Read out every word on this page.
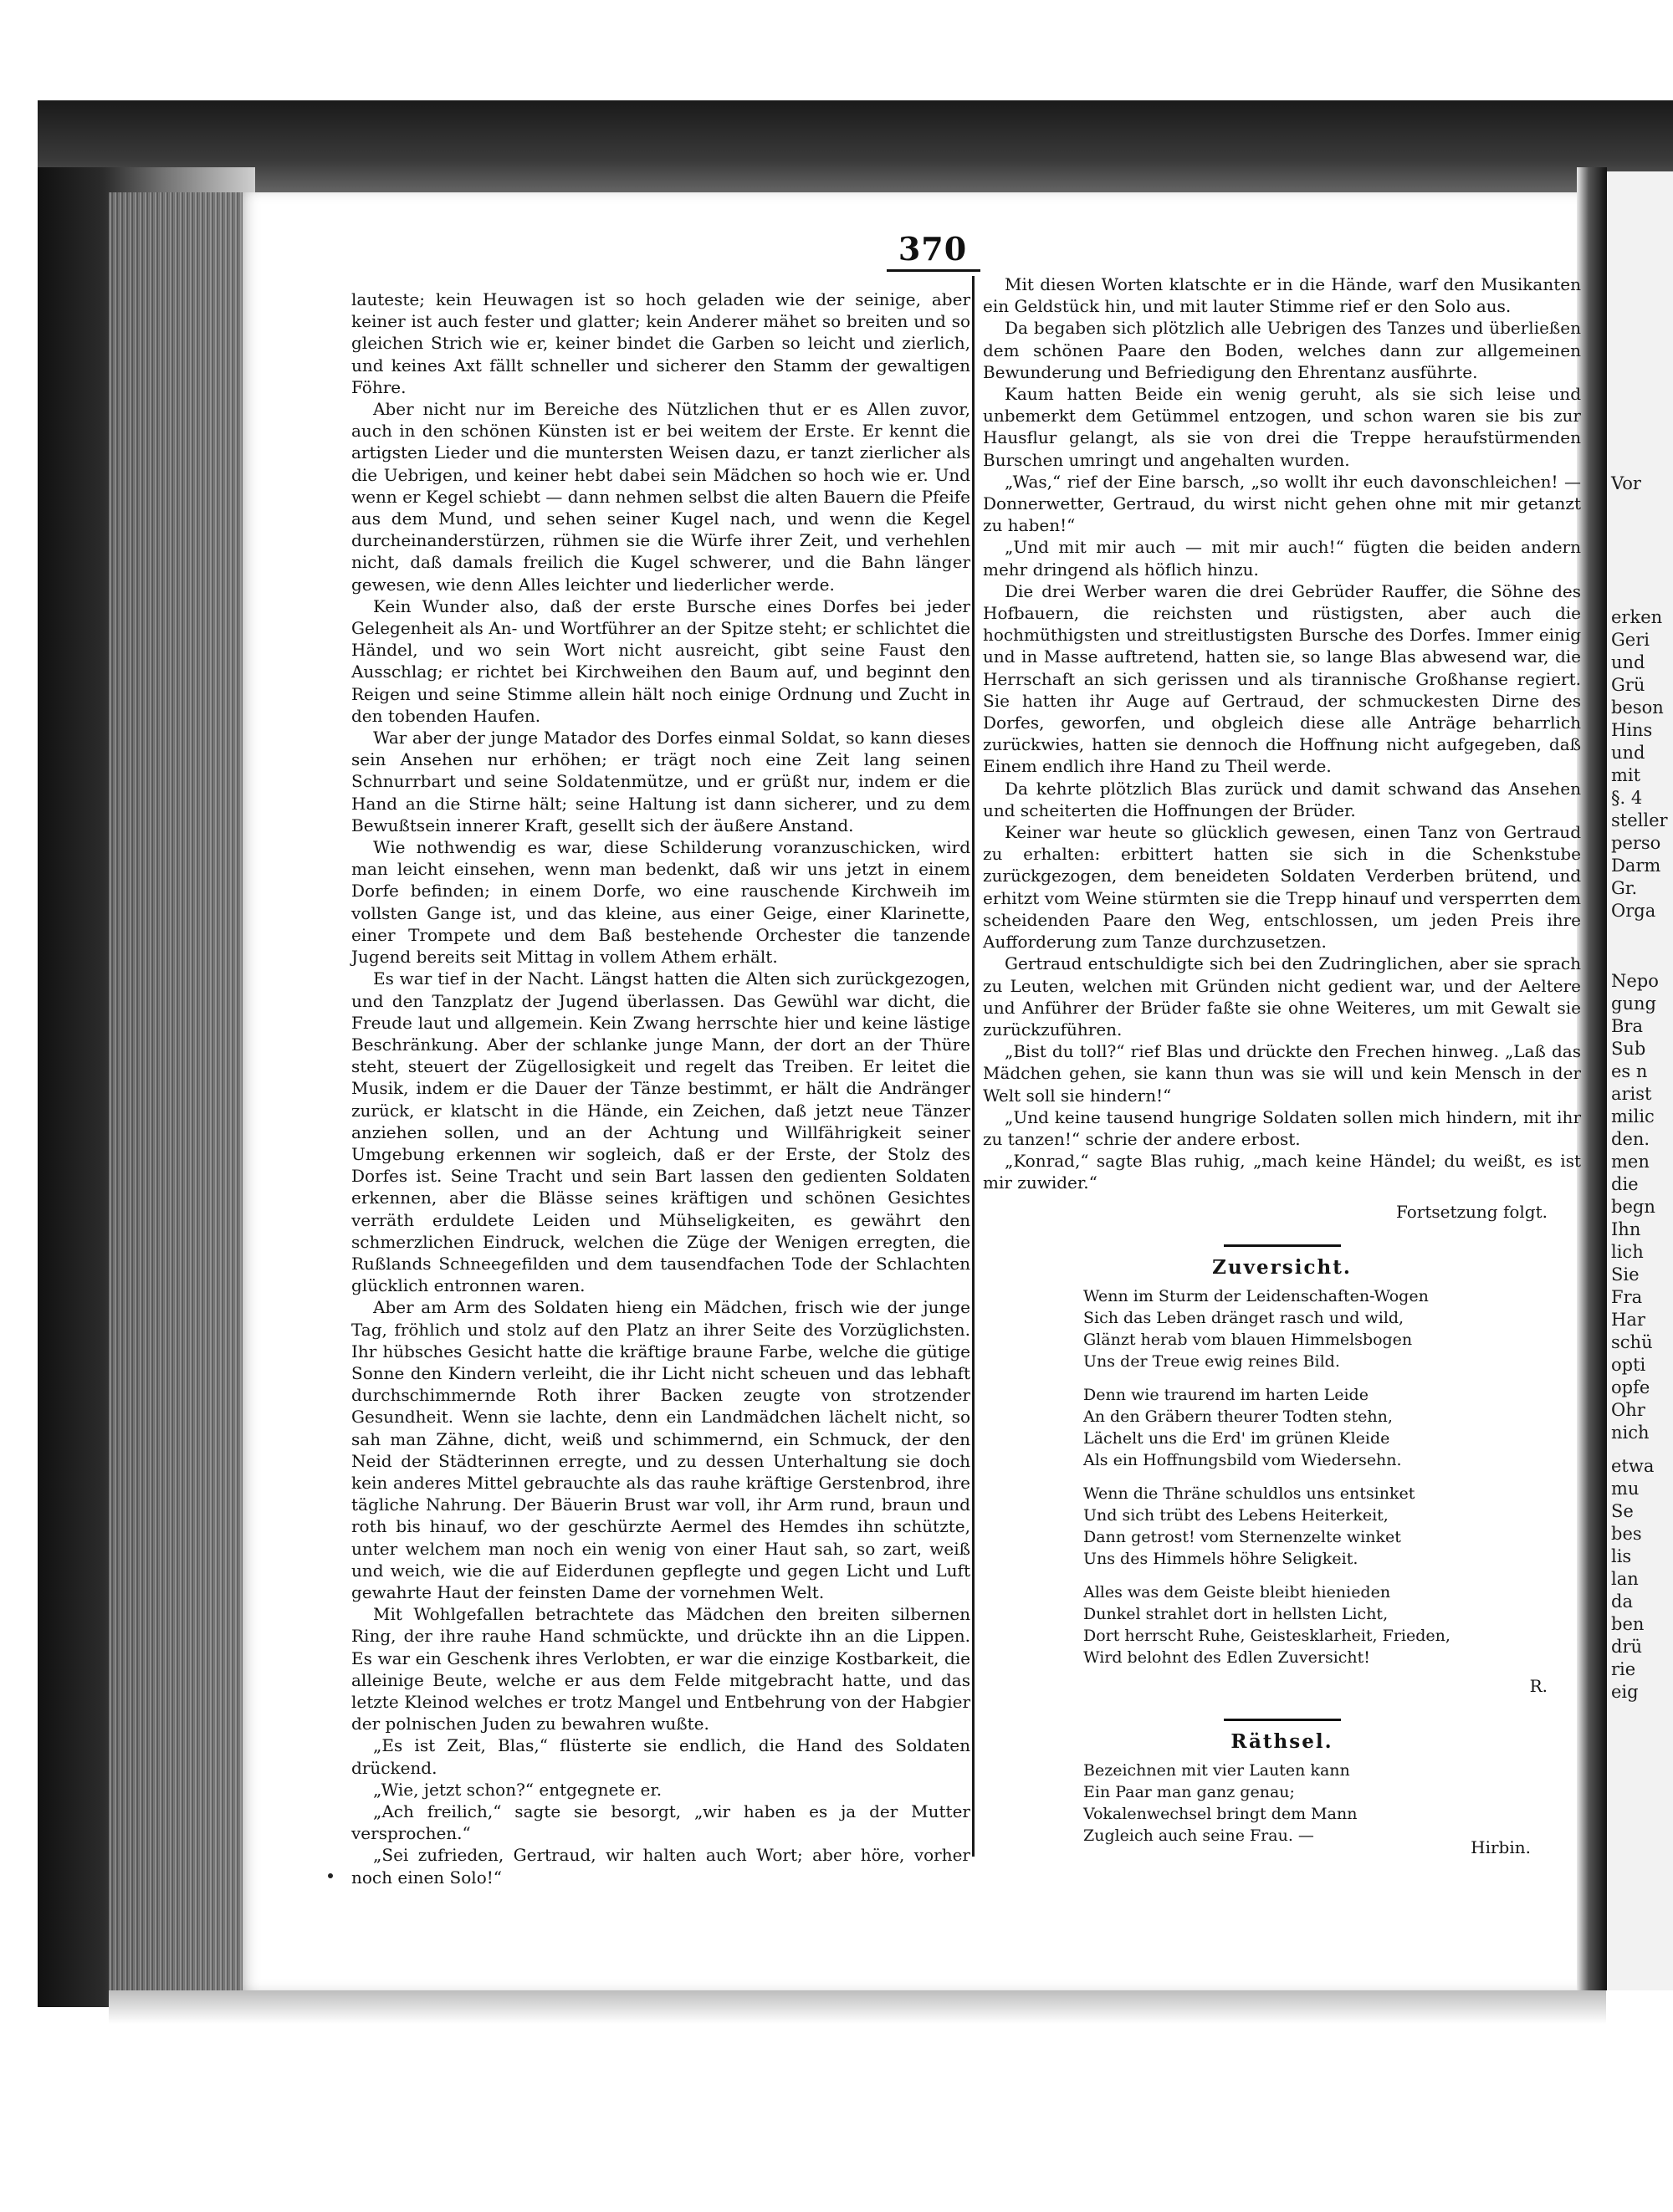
370

lauteste; kein Heuwagen ist so hoch geladen wie der seinige, aber keiner ist auch fester und glatter; kein Anderer mähet so breiten und so gleichen Strich wie er, keiner bindet die Garben so leicht und zierlich, und keines Axt fällt schneller und sicherer den Stamm der gewaltigen Föhre.

Aber nicht nur im Bereiche des Nützlichen thut er es Allen zuvor, auch in den schönen Künsten ist er bei weitem der Erste. Er kennt die artigsten Lieder und die muntersten Weisen dazu, er tanzt zierlicher als die Uebrigen, und keiner hebt dabei sein Mädchen so hoch wie er. Und wenn er Kegel schiebt — dann nehmen selbst die alten Bauern die Pfeife aus dem Mund, und sehen seiner Kugel nach, und wenn die Kegel durcheinanderstürzen, rühmen sie die Würfe ihrer Zeit, und verhehlen nicht, daß damals freilich die Kugel schwerer, und die Bahn länger gewesen, wie denn Alles leichter und liederlicher werde.

Kein Wunder also, daß der erste Bursche eines Dorfes bei jeder Gelegenheit als An- und Wortführer an der Spitze steht; er schlichtet die Händel, und wo sein Wort nicht ausreicht, gibt seine Faust den Ausschlag; er richtet bei Kirchweihen den Baum auf, und beginnt den Reigen und seine Stimme allein hält noch einige Ordnung und Zucht in den tobenden Haufen.

War aber der junge Matador des Dorfes einmal Soldat, so kann dieses sein Ansehen nur erhöhen; er trägt noch eine Zeit lang seinen Schnurrbart und seine Soldatenmütze, und er grüßt nur, indem er die Hand an die Stirne hält; seine Haltung ist dann sicherer, und zu dem Bewußtsein innerer Kraft, gesellt sich der äußere Anstand.

Wie nothwendig es war, diese Schilderung voranzuschicken, wird man leicht einsehen, wenn man bedenkt, daß wir uns jetzt in einem Dorfe befinden; in einem Dorfe, wo eine rauschende Kirchweih im vollsten Gange ist, und das kleine, aus einer Geige, einer Klarinette, einer Trompete und dem Baß bestehende Orchester die tanzende Jugend bereits seit Mittag in vollem Athem erhält.

Es war tief in der Nacht. Längst hatten die Alten sich zurückgezogen, und den Tanzplatz der Jugend überlassen. Das Gewühl war dicht, die Freude laut und allgemein. Kein Zwang herrschte hier und keine lästige Beschränkung. Aber der schlanke junge Mann, der dort an der Thüre steht, steuert der Zügellosigkeit und regelt das Treiben. Er leitet die Musik, indem er die Dauer der Tänze bestimmt, er hält die Andränger zurück, er klatscht in die Hände, ein Zeichen, daß jetzt neue Tänzer anziehen sollen, und an der Achtung und Willfährigkeit seiner Umgebung erkennen wir sogleich, daß er der Erste, der Stolz des Dorfes ist. Seine Tracht und sein Bart lassen den gedienten Soldaten erkennen, aber die Blässe seines kräftigen und schönen Gesichtes verräth erduldete Leiden und Mühseligkeiten, es gewährt den schmerzlichen Eindruck, welchen die Züge der Wenigen erregten, die Rußlands Schneegefilden und dem tausendfachen Tode der Schlachten glücklich entronnen waren.

Aber am Arm des Soldaten hieng ein Mädchen, frisch wie der junge Tag, fröhlich und stolz auf den Platz an ihrer Seite des Vorzüglichsten. Ihr hübsches Gesicht hatte die kräftige braune Farbe, welche die gütige Sonne den Kindern verleiht, die ihr Licht nicht scheuen und das lebhaft durchschimmernde Roth ihrer Backen zeugte von strotzender Gesundheit. Wenn sie lachte, denn ein Landmädchen lächelt nicht, so sah man Zähne, dicht, weiß und schimmernd, ein Schmuck, der den Neid der Städterinnen erregte, und zu dessen Unterhaltung sie doch kein anderes Mittel gebrauchte als das rauhe kräftige Gerstenbrod, ihre tägliche Nahrung. Der Bäuerin Brust war voll, ihr Arm rund, braun und roth bis hinauf, wo der geschürzte Aermel des Hemdes ihn schützte, unter welchem man noch ein wenig von einer Haut sah, so zart, weiß und weich, wie die auf Eiderdunen gepflegte und gegen Licht und Luft gewahrte Haut der feinsten Dame der vornehmen Welt.

Mit Wohlgefallen betrachtete das Mädchen den breiten silbernen Ring, der ihre rauhe Hand schmückte, und drückte ihn an die Lippen. Es war ein Geschenk ihres Verlobten, er war die einzige Kostbarkeit, die alleinige Beute, welche er aus dem Felde mitgebracht hatte, und das letzte Kleinod welches er trotz Mangel und Entbehrung von der Habgier der polnischen Juden zu bewahren wußte.

„Es ist Zeit, Blas,“ flüsterte sie endlich, die Hand des Soldaten drückend.

„Wie, jetzt schon?“ entgegnete er.

„Ach freilich,“ sagte sie besorgt, „wir haben es ja der Mutter versprochen.“

„Sei zufrieden, Gertraud, wir halten auch Wort; aber höre, vorher noch einen Solo!“

Mit diesen Worten klatschte er in die Hände, warf den Musikanten ein Geldstück hin, und mit lauter Stimme rief er den Solo aus.

Da begaben sich plötzlich alle Uebrigen des Tanzes und überließen dem schönen Paare den Boden, welches dann zur allgemeinen Bewunderung und Befriedigung den Ehrentanz ausführte.

Kaum hatten Beide ein wenig geruht, als sie sich leise und unbemerkt dem Getümmel entzogen, und schon waren sie bis zur Hausflur gelangt, als sie von drei die Treppe heraufstürmenden Burschen umringt und angehalten wurden.

„Was,“ rief der Eine barsch, „so wollt ihr euch davonschleichen! — Donnerwetter, Gertraud, du wirst nicht gehen ohne mit mir getanzt zu haben!“

„Und mit mir auch — mit mir auch!“ fügten die beiden andern mehr dringend als höflich hinzu.

Die drei Werber waren die drei Gebrüder Rauffer, die Söhne des Hofbauern, die reichsten und rüstigsten, aber auch die hochmüthigsten und streitlustigsten Bursche des Dorfes. Immer einig und in Masse auftretend, hatten sie, so lange Blas abwesend war, die Herrschaft an sich gerissen und als tirannische Großhanse regiert. Sie hatten ihr Auge auf Gertraud, der schmuckesten Dirne des Dorfes, geworfen, und obgleich diese alle Anträge beharrlich zurückwies, hatten sie dennoch die Hoffnung nicht aufgegeben, daß Einem endlich ihre Hand zu Theil werde.

Da kehrte plötzlich Blas zurück und damit schwand das Ansehen und scheiterten die Hoffnungen der Brüder.

Keiner war heute so glücklich gewesen, einen Tanz von Gertraud zu erhalten: erbittert hatten sie sich in die Schenkstube zurückgezogen, dem beneideten Soldaten Verderben brütend, und erhitzt vom Weine stürmten sie die Trepp hinauf und versperrten dem scheidenden Paare den Weg, entschlossen, um jeden Preis ihre Aufforderung zum Tanze durchzusetzen.

Gertraud entschuldigte sich bei den Zudringlichen, aber sie sprach zu Leuten, welchen mit Gründen nicht gedient war, und der Aeltere und Anführer der Brüder faßte sie ohne Weiteres, um mit Gewalt sie zurückzuführen.

„Bist du toll?“ rief Blas und drückte den Frechen hinweg. „Laß das Mädchen gehen, sie kann thun was sie will und kein Mensch in der Welt soll sie hindern!“

„Und keine tausend hungrige Soldaten sollen mich hindern, mit ihr zu tanzen!“ schrie der andere erbost.

„Konrad,“ sagte Blas ruhig, „mach keine Händel; du weißt, es ist mir zuwider.“

Fortsetzung folgt.
Zuversicht.
Wenn im Sturm der Leidenschaften-Wogen
Sich das Leben dränget rasch und wild,
Glänzt herab vom blauen Himmelsbogen
Uns der Treue ewig reines Bild.
Denn wie traurend im harten Leide
An den Gräbern theurer Todten stehn,
Lächelt uns die Erd' im grünen Kleide
Als ein Hoffnungsbild vom Wiedersehn.
Wenn die Thräne schuldlos uns entsinket
Und sich trübt des Lebens Heiterkeit,
Dann getrost! vom Sternenzelte winket
Uns des Himmels höhre Seligkeit.
Alles was dem Geiste bleibt hienieden
Dunkel strahlet dort in hellsten Licht,
Dort herrscht Ruhe, Geistesklarheit, Frieden,
Wird belohnt des Edlen Zuversicht!
R.
Räthsel.
Bezeichnen mit vier Lauten kann
Ein Paar man ganz genau;
Vokalenwechsel bringt dem Mann
Zugleich auch seine Frau. —
Hirbin.
Vor
erken
Geri
und
Grü
beson
Hins
und
mit
§. 4
steller
perso
Darm
Gr.
Orga
Nepo
gung
Bra
Sub
es n
arist
milic
den.
men
die
begn
Ihn
lich
Sie
Fra
Har
schü
opti
opfe
Ohr
nich
etwa
mu
Se
bes
lis
lan
da
ben
drü
rie
eig
